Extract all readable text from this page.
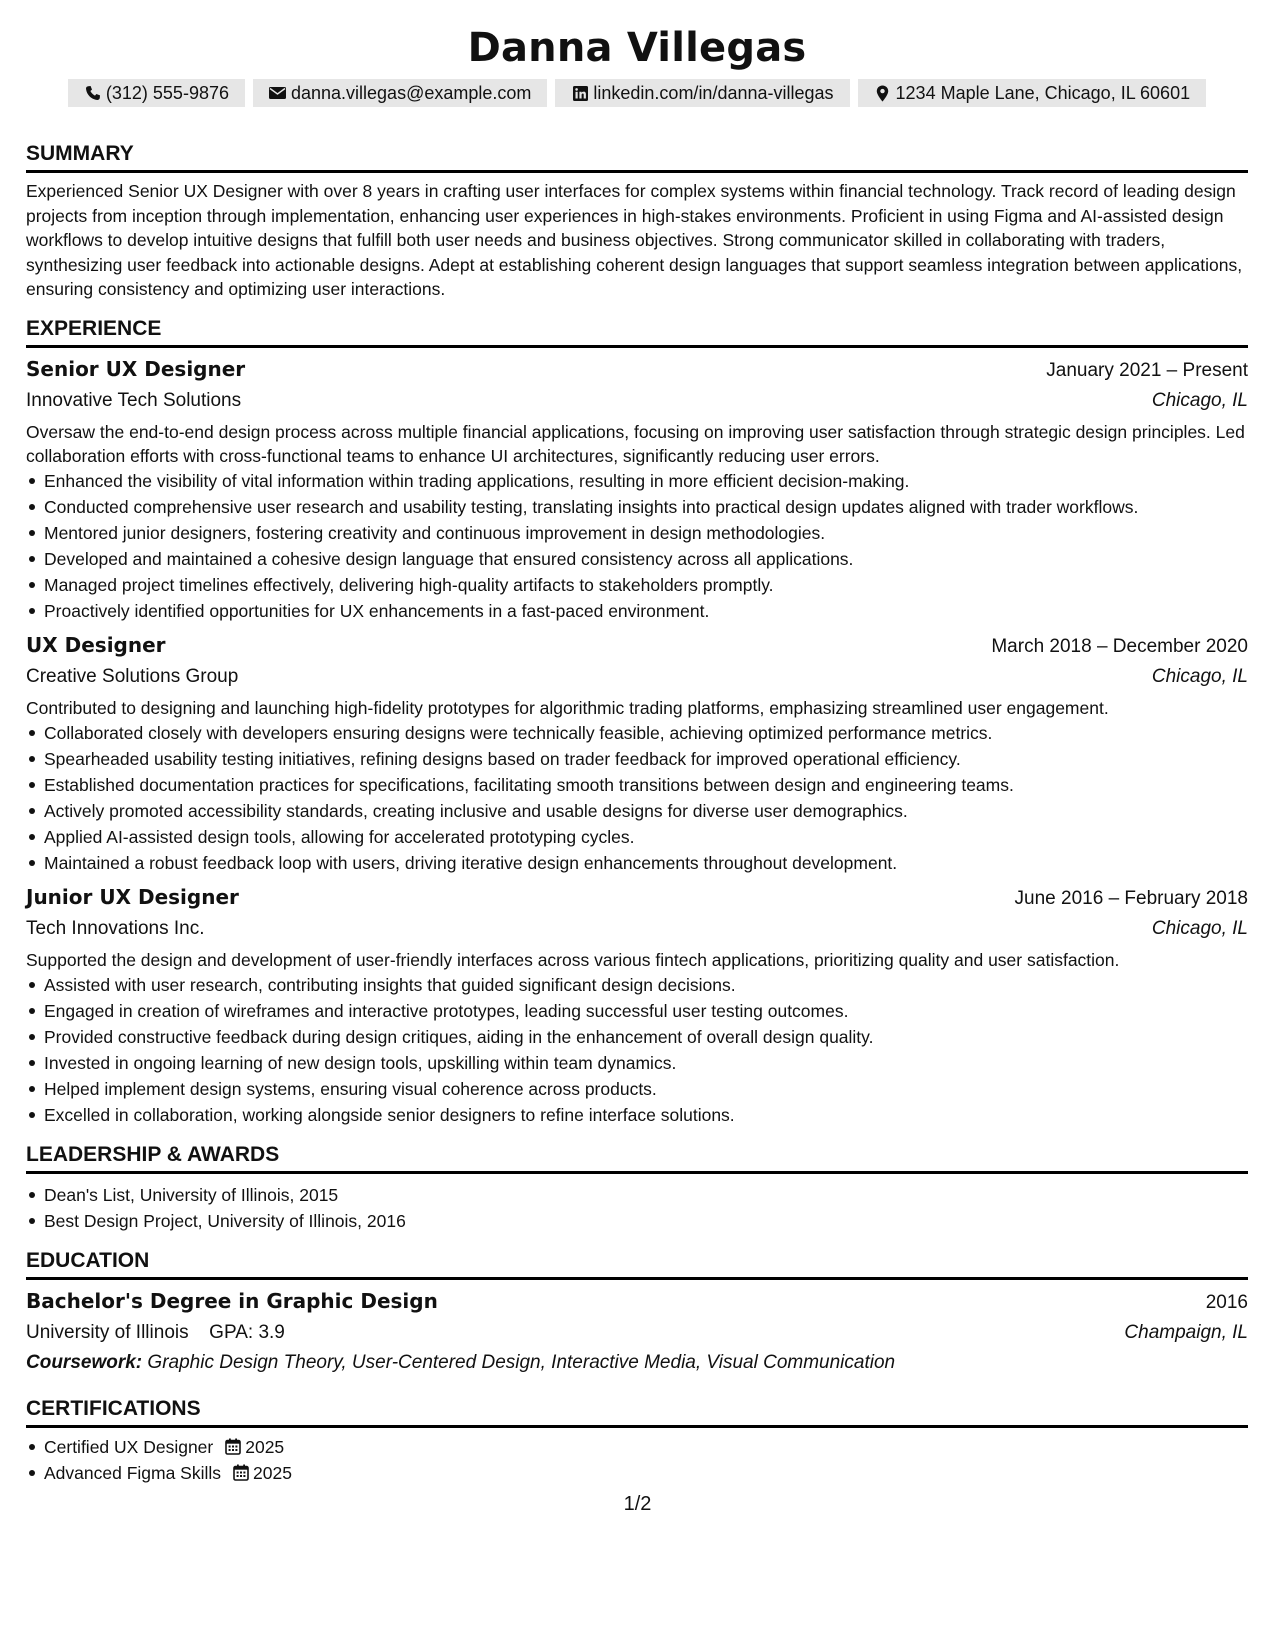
Danna Villegas
(312) 555-9876	danna.villegas@example.com	linkedin.com/in/danna-villegas	1234 Maple Lane, Chicago, IL 60601
SUMMARY

Experienced Senior UX Designer with over 8 years in crafting user interfaces for complex systems within financial technology. Track record of leading design projects from inception through implementation, enhancing user experiences in high-stakes environments. Proficient in using Figma and AI-assisted design workflows to develop intuitive designs that fulfill both user needs and business objectives. Strong communicator skilled in collaborating with traders, synthesizing user feedback into actionable designs. Adept at establishing coherent design languages that support seamless integration between applications, ensuring consistency and optimizing user interactions.

EXPERIENCE
Senior UX Designer	January 2021 – Present
Innovative Tech Solutions	Chicago, IL

Oversaw the end-to-end design process across multiple financial applications, focusing on improving user satisfaction through strategic design principles. Led collaboration efforts with cross-functional teams to enhance UI architectures, significantly reducing user errors.

Enhanced the visibility of vital information within trading applications, resulting in more efficient decision-making.
Conducted comprehensive user research and usability testing, translating insights into practical design updates aligned with trader workflows.
Mentored junior designers, fostering creativity and continuous improvement in design methodologies.
Developed and maintained a cohesive design language that ensured consistency across all applications.
Managed project timelines effectively, delivering high-quality artifacts to stakeholders promptly.
Proactively identified opportunities for UX enhancements in a fast-paced environment.
UX Designer	March 2018 – December 2020
Creative Solutions Group	Chicago, IL

Contributed to designing and launching high-fidelity prototypes for algorithmic trading platforms, emphasizing streamlined user engagement.

Collaborated closely with developers ensuring designs were technically feasible, achieving optimized performance metrics.
Spearheaded usability testing initiatives, refining designs based on trader feedback for improved operational efficiency.
Established documentation practices for specifications, facilitating smooth transitions between design and engineering teams.
Actively promoted accessibility standards, creating inclusive and usable designs for diverse user demographics.
Applied AI-assisted design tools, allowing for accelerated prototyping cycles.
Maintained a robust feedback loop with users, driving iterative design enhancements throughout development.
Junior UX Designer	June 2016 – February 2018
Tech Innovations Inc.	Chicago, IL

Supported the design and development of user-friendly interfaces across various fintech applications, prioritizing quality and user satisfaction.

Assisted with user research, contributing insights that guided significant design decisions.
Engaged in creation of wireframes and interactive prototypes, leading successful user testing outcomes.
Provided constructive feedback during design critiques, aiding in the enhancement of overall design quality.
Invested in ongoing learning of new design tools, upskilling within team dynamics.
Helped implement design systems, ensuring visual coherence across products.
Excelled in collaboration, working alongside senior designers to refine interface solutions.
LEADERSHIP & AWARDS
Dean's List, University of Illinois, 2015
Best Design Project, University of Illinois, 2016
EDUCATION
Bachelor's Degree in Graphic Design	2016
University of Illinois GPA: 3.9	Champaign, IL
Coursework: Graphic Design Theory, User-Centered Design, Interactive Media, Visual Communication
CERTIFICATIONS
Certified UX Designer 2025
Advanced Figma Skills 2025
1/2
